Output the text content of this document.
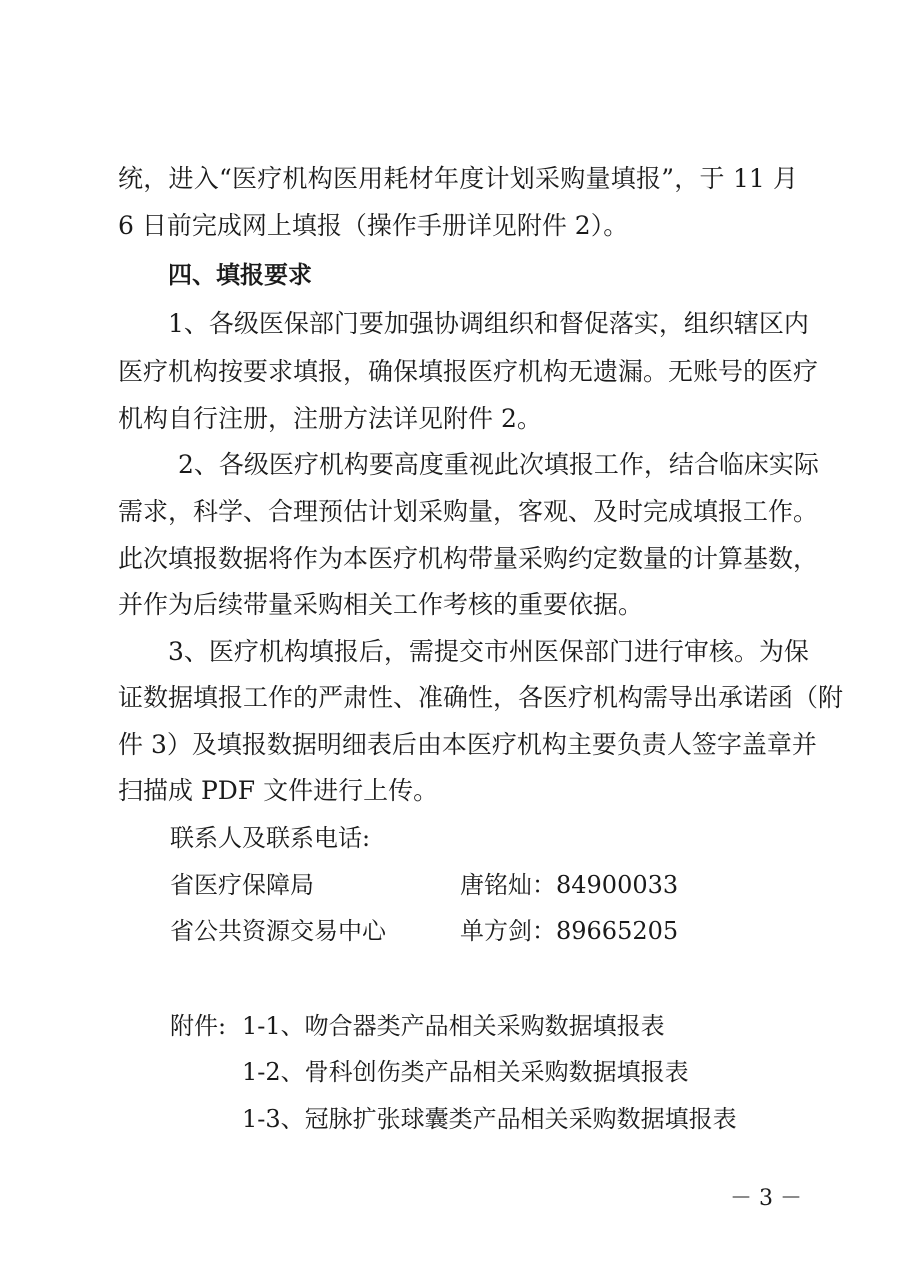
统，进入“医疗机构医用耗材年度计划采购量填报”，于 11 月
6 日前完成网上填报（操作手册详见附件 2）。
四、填报要求
1、各级医保部门要加强协调组织和督促落实，组织辖区内
医疗机构按要求填报，确保填报医疗机构无遗漏。无账号的医疗
机构自行注册，注册方法详见附件 2。
2、各级医疗机构要高度重视此次填报工作，结合临床实际
需求，科学、合理预估计划采购量，客观、及时完成填报工作。
此次填报数据将作为本医疗机构带量采购约定数量的计算基数，
并作为后续带量采购相关工作考核的重要依据。
3、医疗机构填报后，需提交市州医保部门进行审核。为保
证数据填报工作的严肃性、准确性，各医疗机构需导出承诺函（附
件 3）及填报数据明细表后由本医疗机构主要负责人签字盖章并
扫描成 PDF 文件进行上传。
联系人及联系电话:
省医疗保障局	唐铭灿：84900033
省公共资源交易中心	单方剑：89665205
附件: 1-1、吻合器类产品相关采购数据填报表
1-2、骨科创伤类产品相关采购数据填报表
1-3、冠脉扩张球囊类产品相关采购数据填报表
－ 3 －
